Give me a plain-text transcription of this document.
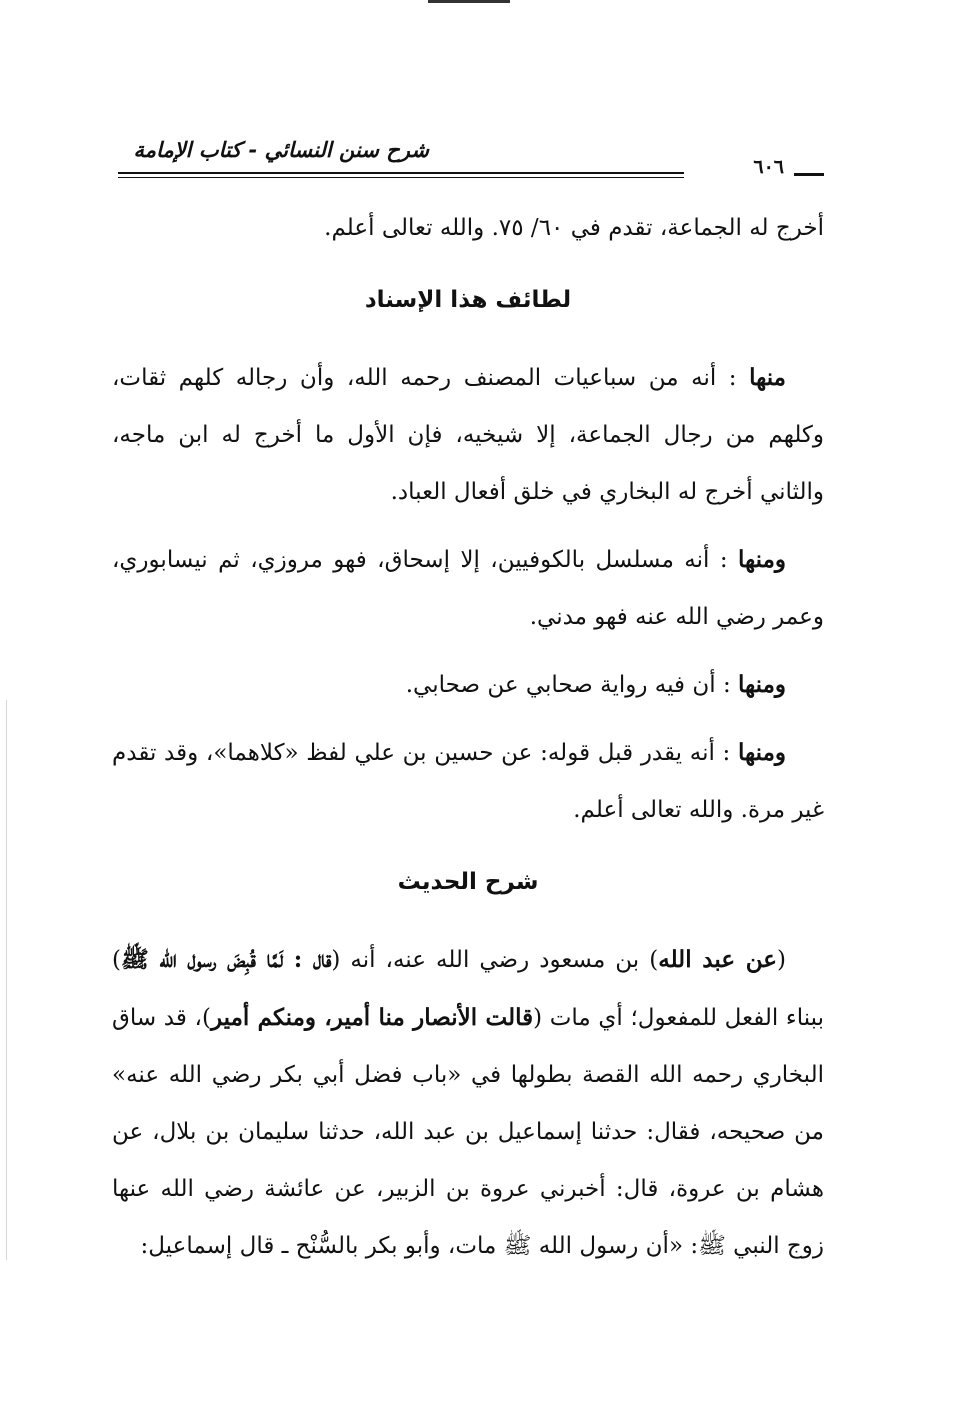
شرح سنن النسائي - كتاب الإمامة
٦٠٦

أخرج له الجماعة، تقدم في ٦٠/ ٧٥. والله تعالى أعلم.

لطائف هذا الإسناد

منها : أنه من سباعيات المصنف رحمه الله، وأن رجاله كلهم ثقات، وكلهم من رجال الجماعة، إلا شيخيه، فإن الأول ما أخرج له ابن ماجه، والثاني أخرج له البخاري في خلق أفعال العباد.

ومنها : أنه مسلسل بالكوفيين، إلا إسحاق، فهو مروزي، ثم نيسابوري، وعمر رضي الله عنه فهو مدني.

ومنها : أن فيه رواية صحابي عن صحابي.

ومنها : أنه يقدر قبل قوله: عن حسين بن علي لفظ «كلاهما»، وقد تقدم غير مرة. والله تعالى أعلم.

شرح الحديث

(عن عبد الله) بن مسعود رضي الله عنه، أنه (قال : لَمَّا قُبِضَ رسول الله ﷺ) ببناء الفعل للمفعول؛ أي مات (قالت الأنصار منا أمير، ومنكم أمير)، قد ساق البخاري رحمه الله القصة بطولها في «باب فضل أبي بكر رضي الله عنه» من صحيحه، فقال: حدثنا إسماعيل بن عبد الله، حدثنا سليمان بن بلال، عن هشام بن عروة، قال: أخبرني عروة بن الزبير، عن عائشة رضي الله عنها زوج النبي ﷺ: «أن رسول الله ﷺ مات، وأبو بكر بالسُّنْح ـ قال إسماعيل:
